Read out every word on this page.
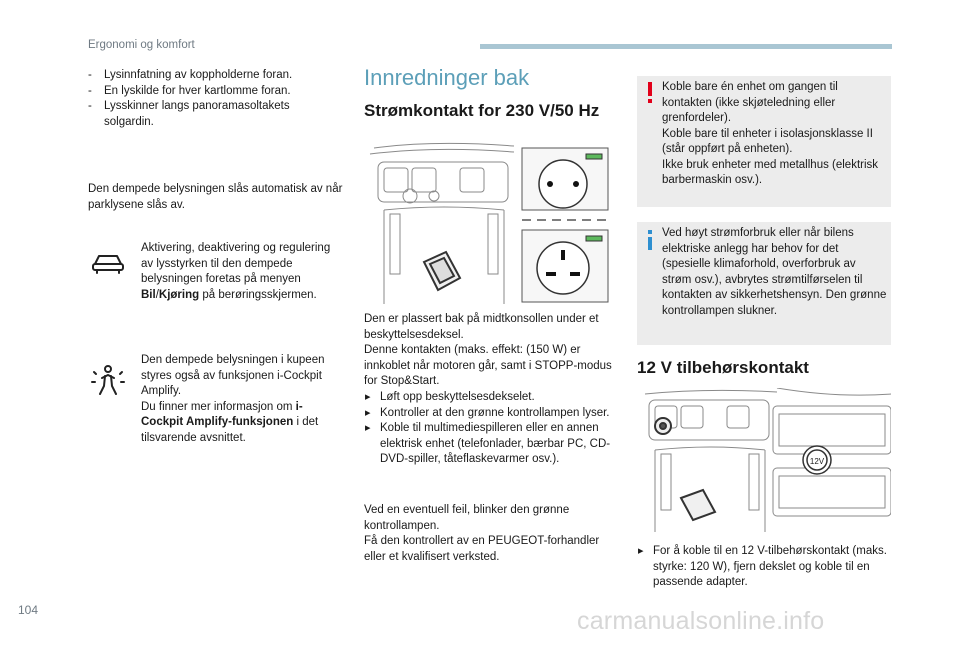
Ergonomi og komfort
- Lysinnfatning av koppholderne foran.
- En lyskilde for hver kartlomme foran.
- Lysskinner langs panoramasoltakets solgardin.

Den dempede belysningen slås automatisk av når parklysene slås av.

Aktivering, deaktivering og regulering av lysstyrken til den dempede belysningen foretas på menyen Bil/Kjøring på berøringsskjermen.

Den dempede belysningen i kupeen styres også av funksjonen i-Cockpit Amplify.
Du finner mer informasjon om i-Cockpit Amplify-funksjonen i det tilsvarende avsnittet.

Innredninger bak
Strømkontakt for 230 V/50 Hz

Den er plassert bak på midtkonsollen under et beskyttelsesdeksel.
Denne kontakten (maks. effekt: (150 W) er innkoblet når motoren går, samt i STOPP-modus for Stop&Start.

▸ Løft opp beskyttelsesdekselet.
▸ Kontroller at den grønne kontrollampen lyser.
▸ Koble til multimediespilleren eller en annen elektrisk enhet (telefonlader, bærbar PC, CD-DVD-spiller, tåteflaskevarmer osv.).

Ved en eventuell feil, blinker den grønne kontrollampen.
Få den kontrollert av en PEUGEOT-forhandler eller et kvalifisert verksted.

Koble bare én enhet om gangen til kontakten (ikke skjøteledning eller grenfordeler).
Koble bare til enheter i isolasjonsklasse II (står oppført på enheten).
Ikke bruk enheter med metallhus (elektrisk barbermaskin osv.).
Ved høyt strømforbruk eller når bilens elektriske anlegg har behov for det (spesielle klimaforhold, overforbruk av strøm osv.), avbrytes strømtilførselen til kontakten av sikkerhetshensyn. Den grønne kontrollampen slukner.
12 V tilbehørskontakt
12V
▸ For å koble til en 12 V-tilbehørskontakt (maks. styrke: 120 W), fjern dekslet og koble til en passende adapter.
104	carmanualsonline.info
